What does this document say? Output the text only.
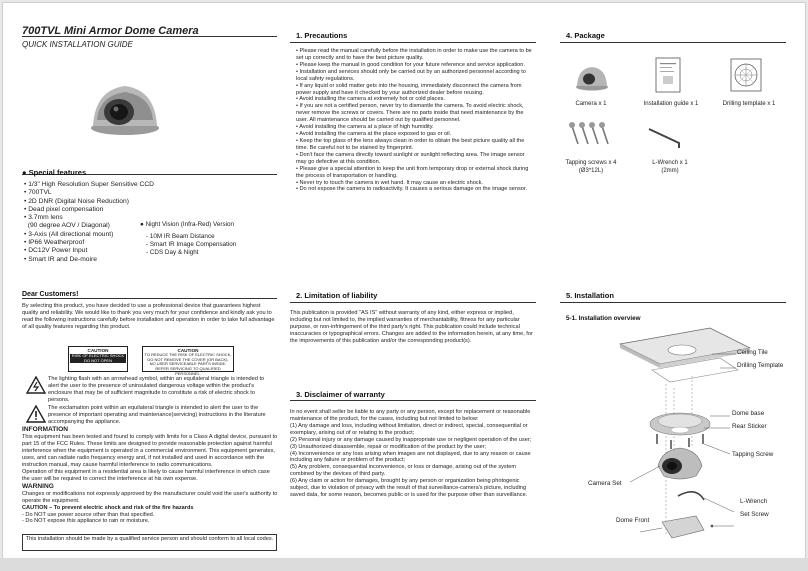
700TVL Mini Armor Dome Camera
QUICK INSTALLATION GUIDE
● Special features
• 1/3" High Resolution Super Sensitive CCD
• 700TVL
• 2D DNR (Digital Noise Reduction)
• Dead pixel compensation
• 3.7mm lens
(90 degree AOV / Diagonal)
• 3-Axis (All directional mount)
• IP66 Weatherproof
• DC12V Power Input
• Smart IR and De-moire
● Night Vision (Infra-Red) Version
- 10M IR Beam Distance
- Smart IR Image Compensation
- CDS Day & Night
Dear Customers!
By selecting this product, you have decided to use a professional device that guarantees highest quality and reliability. We would like to thank you very much for your confidence and kindly ask you to read the following instructions carefully before installation and operation in order to take full advantage of all quality features regarding this product.
CAUTION
RISK OF ELECTRIC SHOCK
DO NOT OPEN
CAUTION
TO REDUCE THE RISK OF ELECTRIC SHOCK,
DO NOT REMOVE THE COVER (OR BACK).
NO USER SERVICEABLE PARTS INSIDE.
REFER SERVICING TO QUALIFIED PERSONNEL.
The lighting flash with an arrowhead symbol, within an equilateral triangle is intended to alert the user to the presence of uninsulated dangerous voltage within the product's enclosure that may be of sufficient magnitude to constitute a risk of electric shock to persons.
The exclamation point within an equilateral triangle is intended to alert the user to the presence of important operating and maintenance(servicing) instructions in the literature accompanying the appliance.

INFORMATION

This equipment has been tested and found to comply with limits for a Class A digital device, pursuant to part 15 of the FCC Rules. These limits are designed to provide reasonable protection against harmful interference when the equipment is operated in a commercial environment. This equipment generates, uses, and can radiate radio frequency energy and, if not installed and used in accordance with the instruction manual, may cause harmful interference to radio communications.

Operation of this equipment in a residential area is likely to cause harmful interference in which case the user will be required to correct the interference at his own expense.

WARNING

Changes or modifications not expressly approved by the manufacturer could void the user's authority to operate the equipment.

CAUTION – To prevent electric shock and risk of the fire hazards

- Do NOT use power source other than that specified.

- Do NOT expose this appliance to rain or moisture.

This installation should be made by a qualified service person and should conform to all local codes.
1. Precautions

• Please read the manual carefully before the installation in order to make use the camera to be set up correctly and to have the best picture quality.

• Please keep the manual in good condition for your future reference and service application.

• Installation and services should only be carried out by an authorized personnel according to local safety regulations.

• If any liquid or solid matter gets into the housing, immediately disconnect the camera from power supply and have it checked by your authorized dealer before reusing.

• Avoid installing the camera at extremely hot or cold places.

• If you are not a certified person, never try to dismantle the camera. To avoid electric shock, never remove the screws or covers. There are no parts inside that need maintenance by the user. All maintenance should be carried out by qualified personnel.

• Avoid installing the camera at a place of high humidity.

• Avoid installing the camera at the place exposed to gas or oil.

• Keep the top glass of the lens always clean in order to obtain the best picture quality all the time. Be careful not to be stained by fingerprint.

• Don't face the camera directly toward sunlight or sunlight reflecting area. The image sensor may go defective at this condition.

• Please give a special attention to keep the unit from temporary drop or external shock during the process of transportation or handling.

• Never try to touch the camera in wet hand. It may cause an electric shock.

• Do not expose the camera to radioactivity. It causes a serious damage on the image sensor.

2. Limitation of liability
This publication is provided "AS IS" without warranty of any kind, either express or implied, including but not limited to, the implied warranties of merchantability, fitness for any particular purpose, or non-infringement of the third party's right. This publication could include technical inaccuracies or typographical errors. Changes are added to the information herein, at any time, for the improvements of this publication and/or the corresponding product(s).
3. Disclaimer of warranty

In no event shall seller be liable to any party or any person, except for replacement or reasonable maintenance of the product, for the cases, including but not limited to below:

(1) Any damage and loss, including without limitation, direct or indirect, special, consequential or exemplary, arising out of or relating to the product;

(2) Personal injury or any damage caused by inappropriate use or negligent operation of the user;

(3) Unauthorized disassemble, repair or modification of the product by the user;

(4) Inconvenience or any loss arising when images are not displayed, due to any reason or cause including any failure or problem of the product;

(5) Any problem, consequential inconvenience, or loss or damage, arising out of the system combined by the devices of third party.

(6) Any claim or action for damages, brought by any person or organization being photogenic subject, due to violation of privacy with the result of that surveillance-camera's picture, including saved data, for some reason, becomes public or is used for the purpose other than surveillance.

4. Package
Camera x 1	Installation guide x 1	Drilling template x 1
Tapping screws x 4
(Ø3*12L)
L-Wrench x 1
(2mm)
5. Installation
5-1. Installation overview
Ceiling Tile
Drilling Template
Dome base
Rear Sticker
Tapping Screw
Camera Set
L-Wrench
Set Screw
Dome Front
